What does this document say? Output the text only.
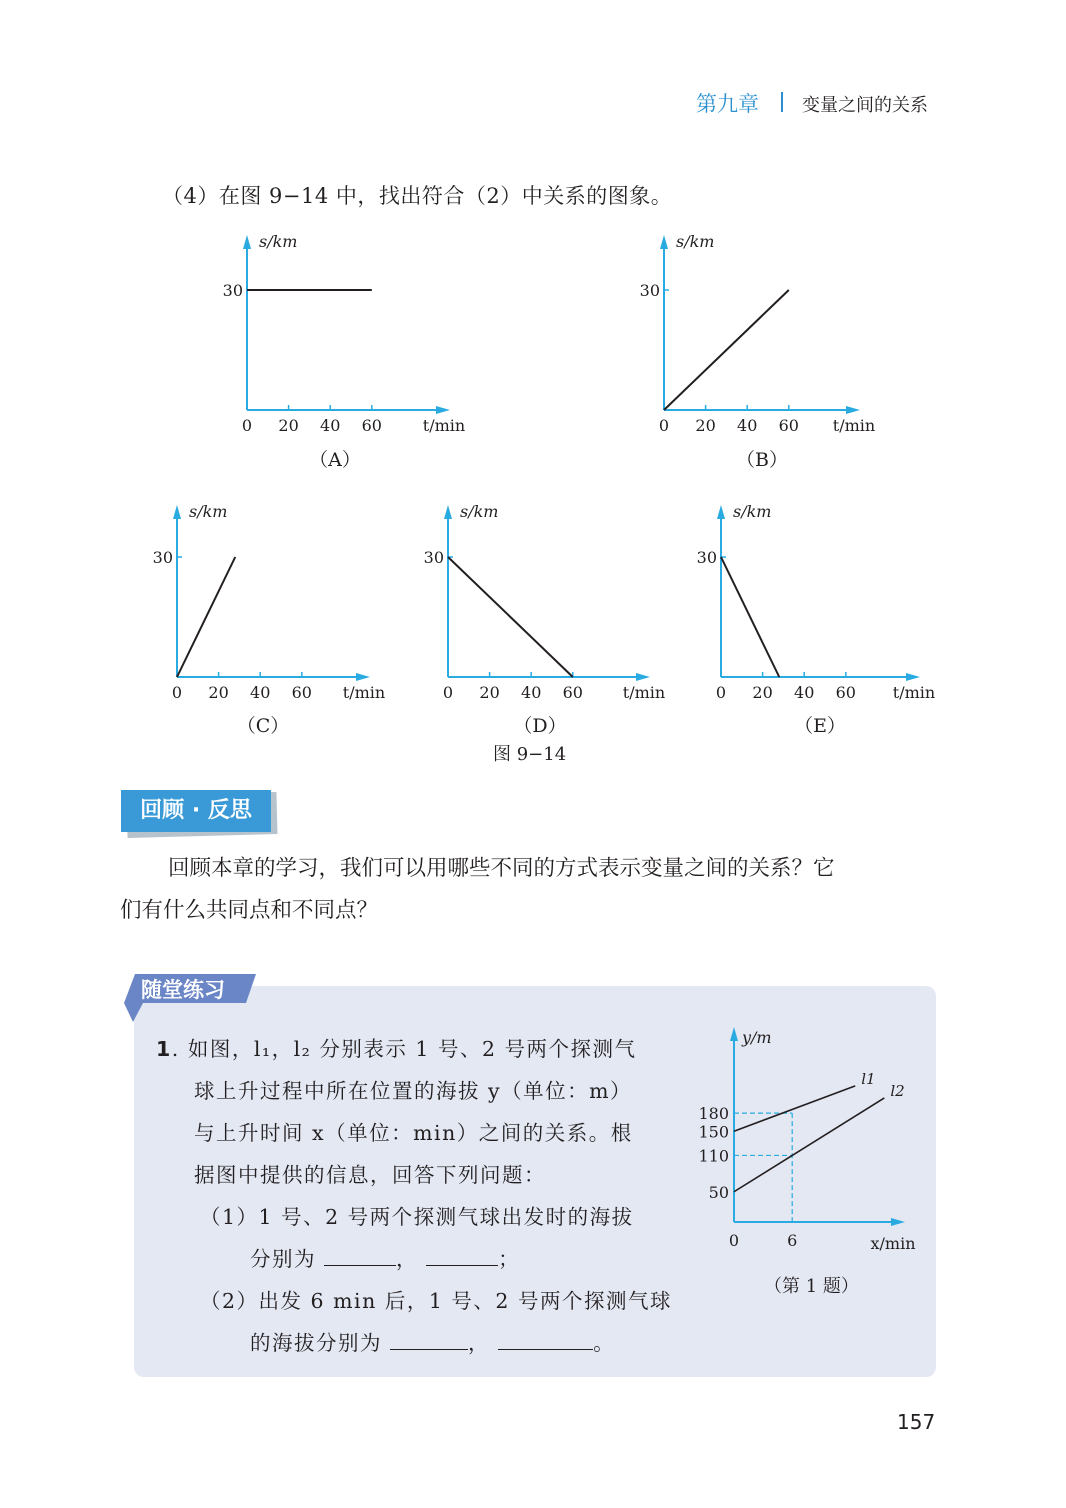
第九章 变量之间的关系
（4）在图 9−14 中，找出符合（2）中关系的图象。
0 20 40 60
30
s/km
t/min
（A）
0 20 40 60
30
s/km
t/min
（B）
0 20 40 60
30
s/km
t/min
（C）
0 20 40 60
30
s/km
t/min
（D）
0 20 40 60
30
s/km
t/min
（E）
图 9−14
回顾 · 反思
回顾本章的学习，我们可以用哪些不同的方式表示变量之间的关系？它
们有什么共同点和不同点？
随堂练习
1. 如图，l₁，l₂ 分别表示 1 号、2 号两个探测气
球上升过程中所在位置的海拔 y（单位：m）
与上升时间 x（单位：min）之间的关系。根
据图中提供的信息，回答下列问题：
（1）1 号、2 号两个探测气球出发时的海拔
分别为	，	；
（2）出发 6 min 后，1 号、2 号两个探测气球
的海拔分别为	，	。
50
110
150
180
0	6
y/m
x/min
l1
l2
（第 1 题）
157
